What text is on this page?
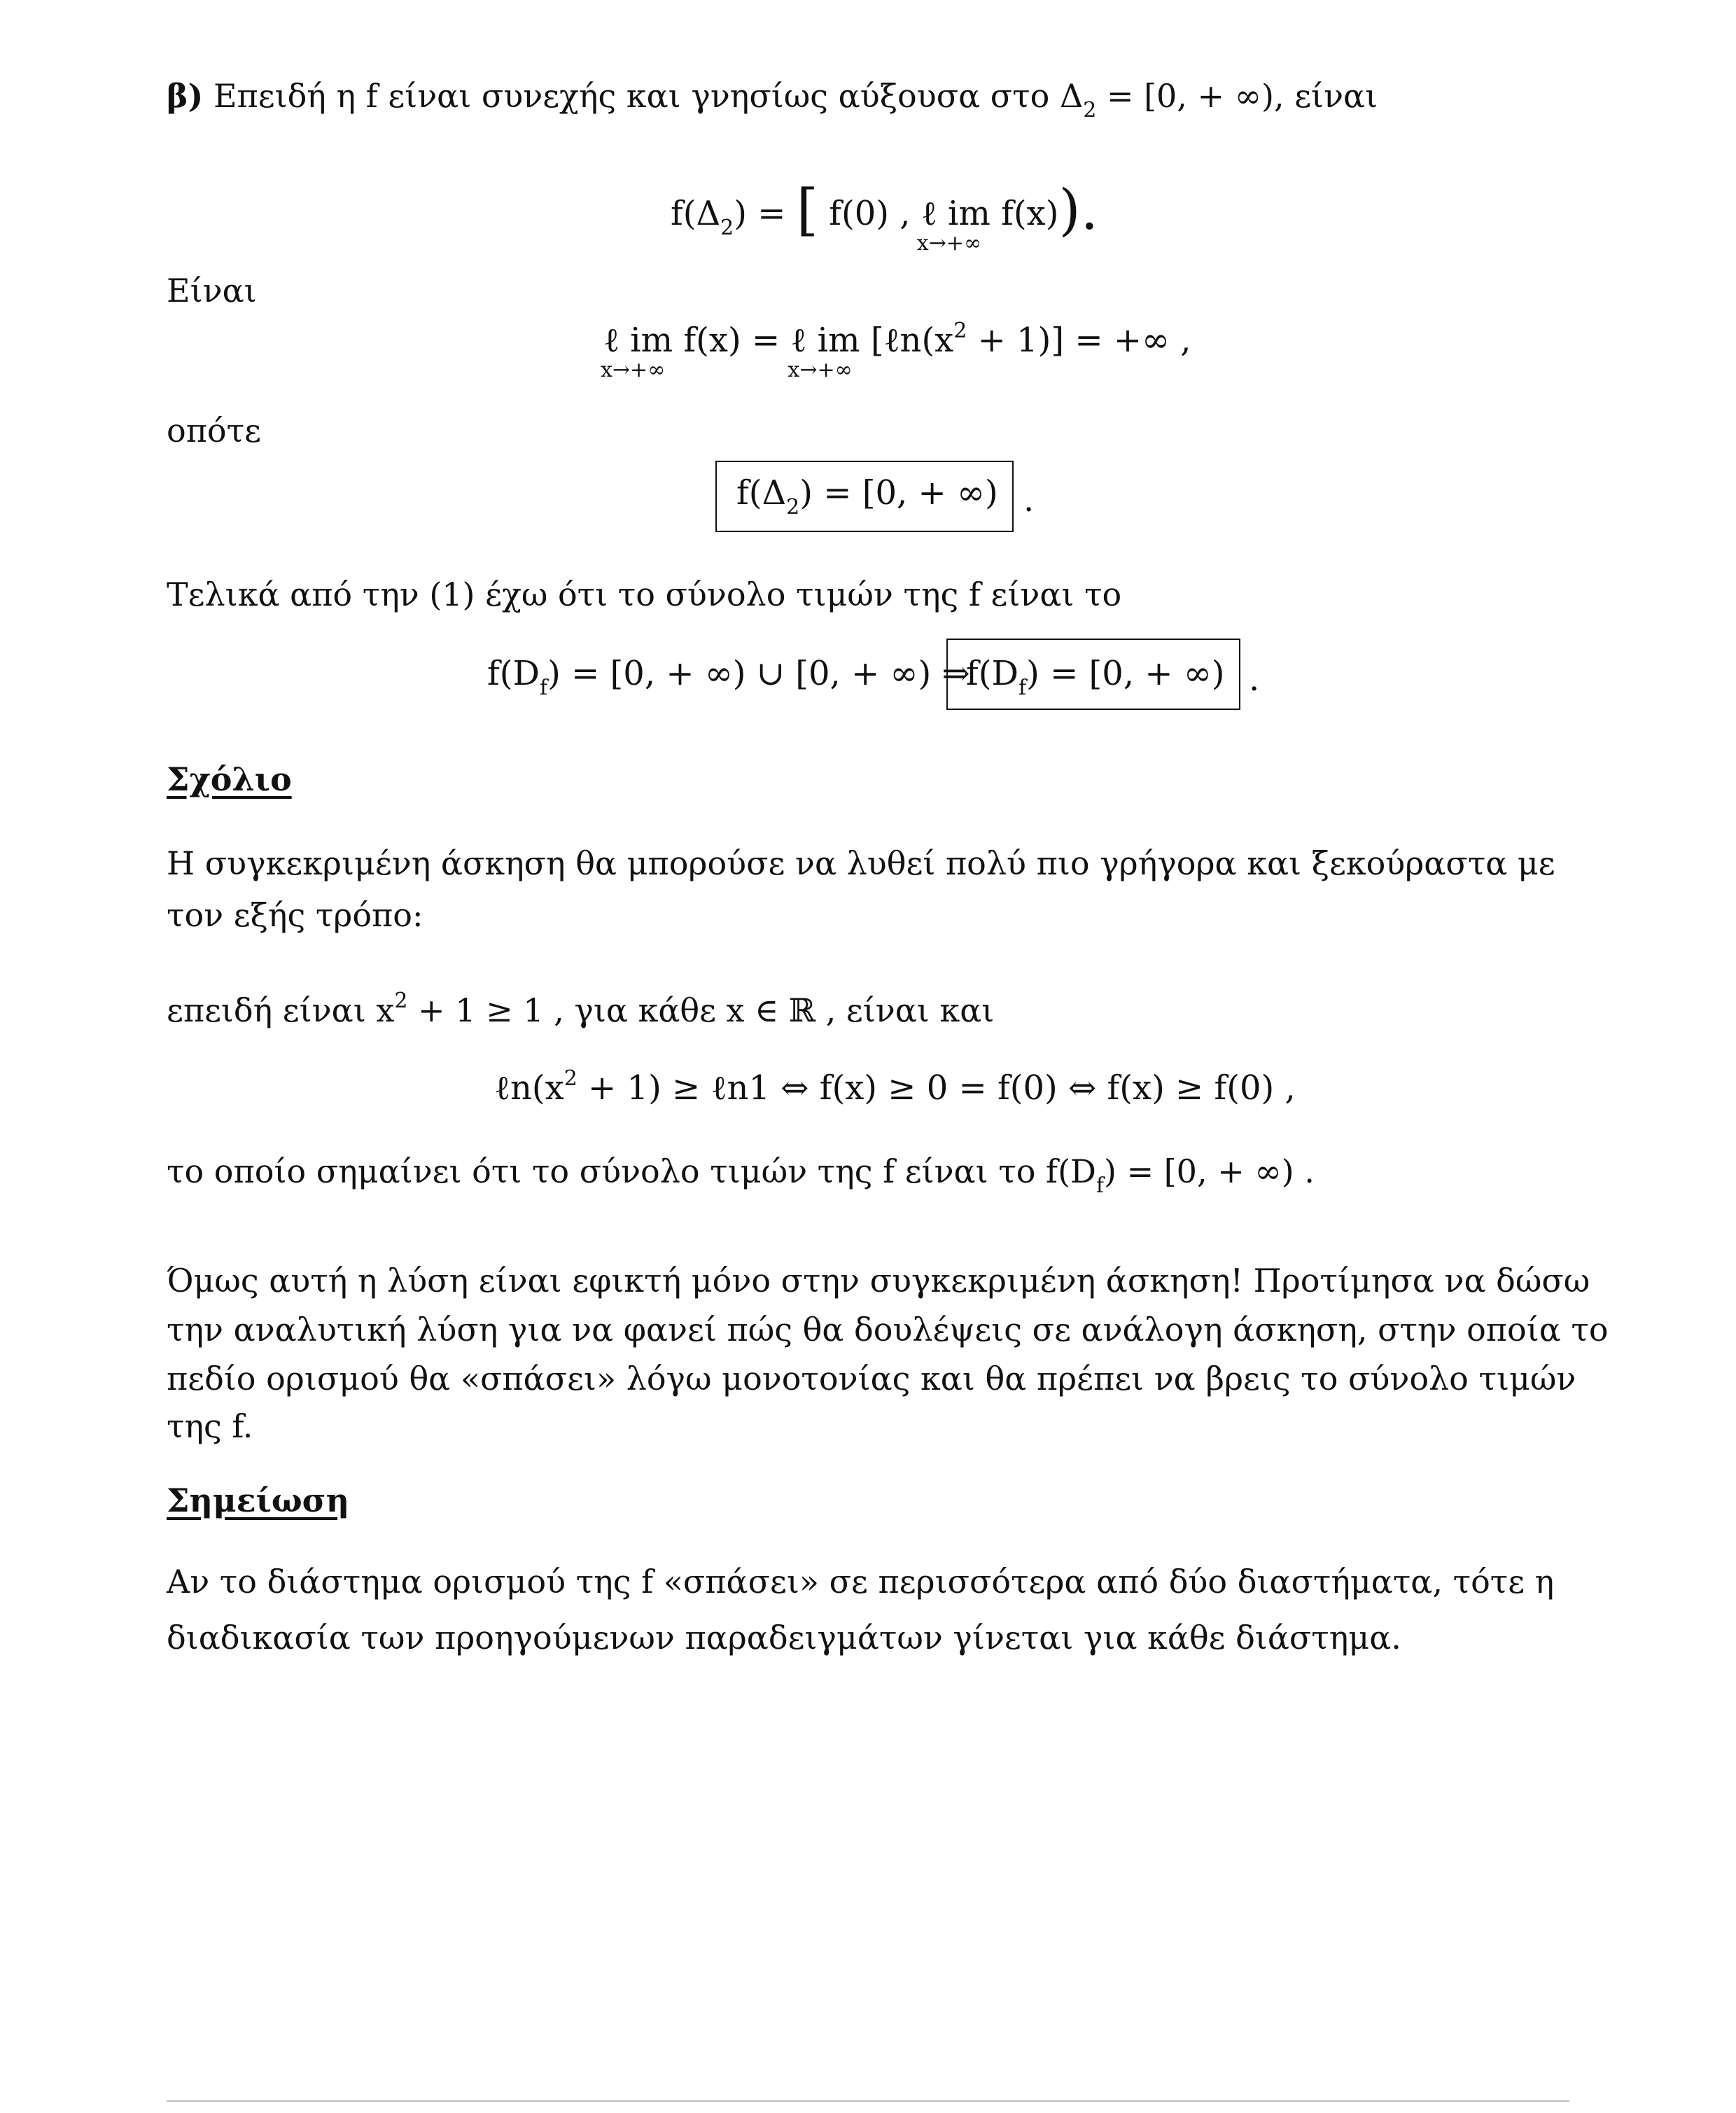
β) Επειδή η f είναι συνεχής και γνησίως αύξουσα στο $\Delta_2 = [0$, + ∞), είναι
$f(\Delta_2)$ = [ f(0) , ℓ im
x→+∞
f(x)).
Είναι
ℓ im
x→+∞
f(x) = ℓ im
x→+∞
$[\ell n(x^2 + 1)]$ = +∞ ,
οπότε
$f(\Delta_2) = [0$, + ∞) .
Τελικά από την (1) έχω ότι το σύνολο τιμών της f είναι το
$f(D_f) = [0$, + ∞) ∪ [0, + ∞) ⇒
$f(D_f) = [0$, + ∞) .
Σχόλιο
Η συγκεκριμένη άσκηση θα μπορούσε να λυθεί πολύ πιο γρήγορα και ξεκούραστα με
τον εξής τρόπο:
επειδή είναι $x^2 + 1 \ge 1$ , για κάθε x ∈ ℝ , είναι και
$\ell n(x^2 + 1)$ ≥ ℓn1 ⇔ f(x) ≥ 0 = f(0) ⇔ f(x) ≥ f(0) ,
το οποίο σημαίνει ότι το σύνολο τιμών της f είναι το $f(D_f) = [0$, + ∞) .
Όμως αυτή η λύση είναι εφικτή μόνο στην συγκεκριμένη άσκηση! Προτίμησα να δώσω
την αναλυτική λύση για να φανεί πώς θα δουλέψεις σε ανάλογη άσκηση, στην οποία το
πεδίο ορισμού θα «σπάσει» λόγω μονοτονίας και θα πρέπει να βρεις το σύνολο τιμών
της f.
Σημείωση
Αν το διάστημα ορισμού της f «σπάσει» σε περισσότερα από δύο διαστήματα, τότε η
διαδικασία των προηγούμενων παραδειγμάτων γίνεται για κάθε διάστημα.
